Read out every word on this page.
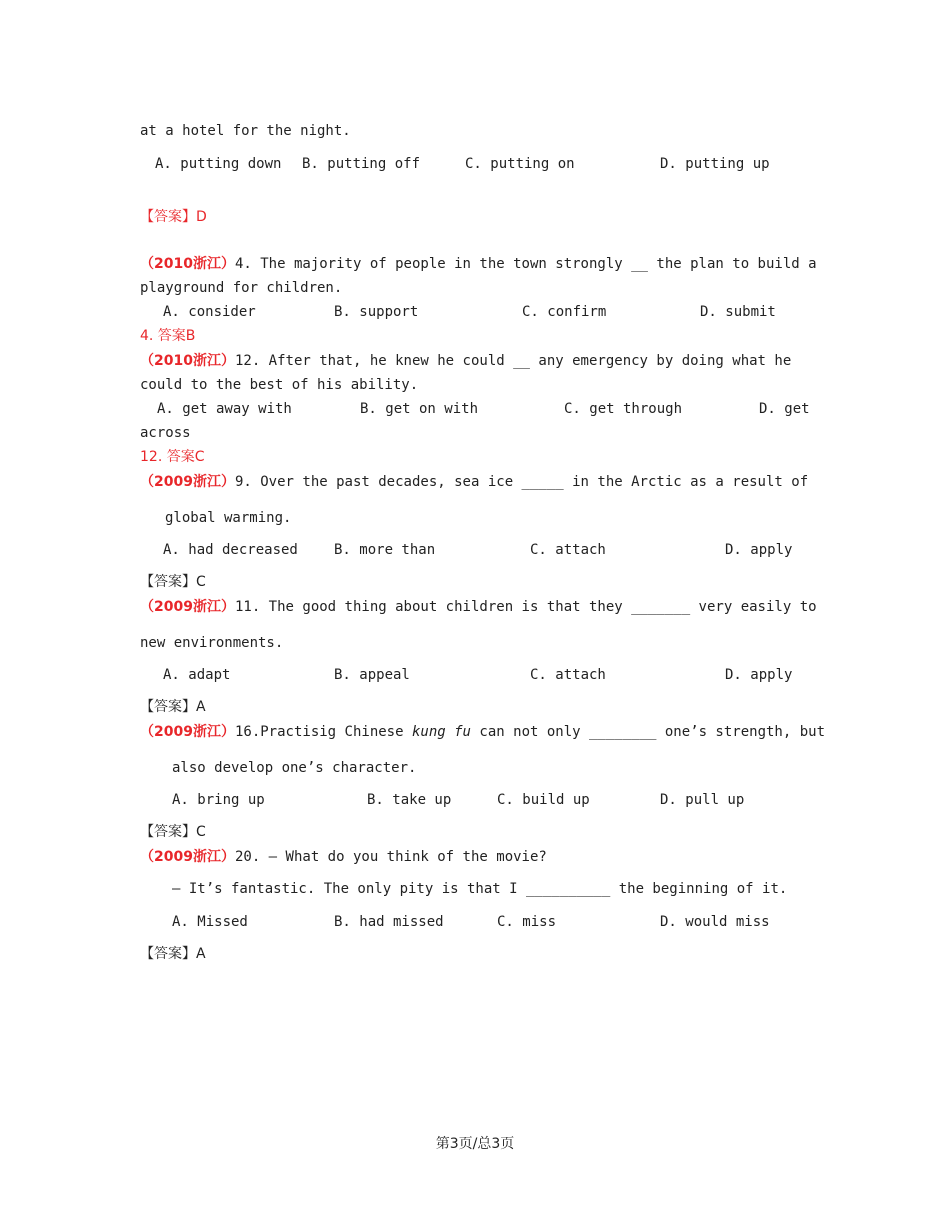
at a hotel for the night.
A. putting down B. putting off	C. putting on	D. putting up
【答案】D
（2010浙江）4. The majority of people in the town strongly __ the plan to build a
playground for children.
A. consider	B. support	C. confirm	D. submit
4. 答案B
（2010浙江）12. After that, he knew he could __ any emergency by doing what he
could to the best of his ability.
A. get away with	B. get on with	C. get through	D. get
across
12. 答案C
（2009浙江）9. Over the past decades, sea ice _____ in the Arctic as a result of
global warming.
A. had decreased	B. more than	C. attach	D. apply
【答案】C
（2009浙江）11. The good thing about children is that they _______ very easily to
new environments.
A. adapt	B. appeal	C. attach	D. apply
【答案】A
（2009浙江）16.Practisig Chinese kung fu can not only ________ one’s strength, but
also develop one’s character.
A. bring up	B. take up	C. build up	D. pull up
【答案】C
（2009浙江）20. — What do you think of the movie?
— It’s fantastic. The only pity is that I __________ the beginning of it.
A. Missed	B. had missed	C. miss	D. would miss
【答案】A
第3页/总3页
